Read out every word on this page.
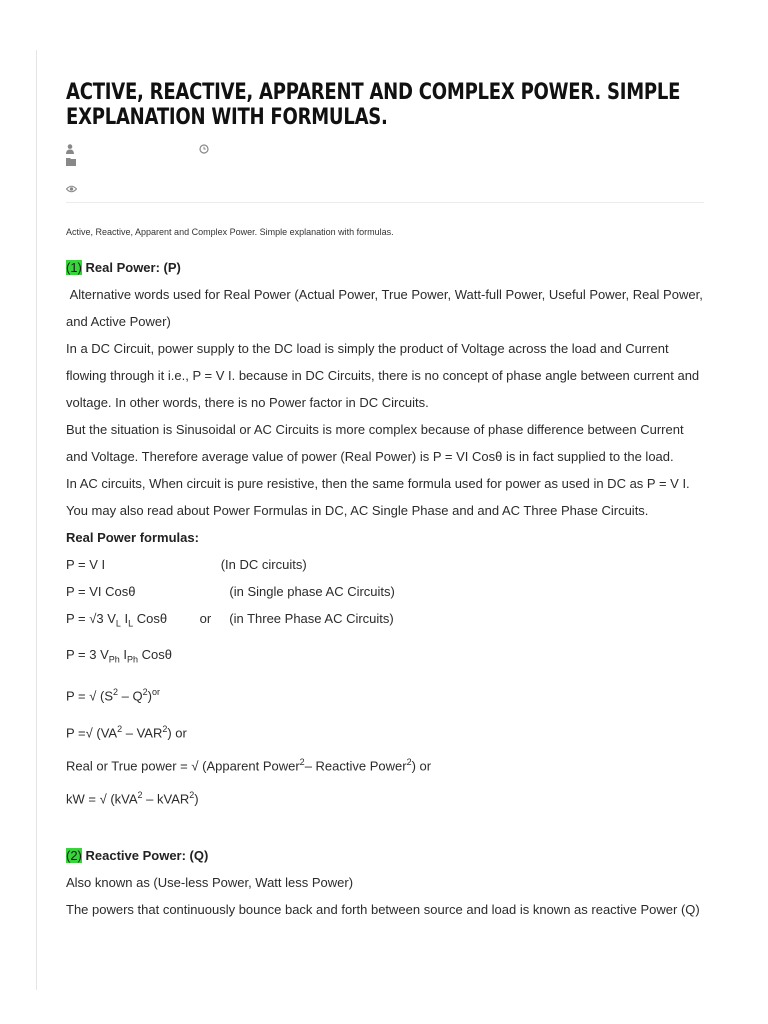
ACTIVE, REACTIVE, APPARENT AND COMPLEX POWER. SIMPLE EXPLANATION WITH FORMULAS.
Active, Reactive, Apparent and Complex Power. Simple explanation with formulas.

(1) Real Power: (P)

Alternative words used for Real Power (Actual Power, True Power, Watt-full Power, Useful Power, Real Power, and Active Power)

In a DC Circuit, power supply to the DC load is simply the product of Voltage across the load and Current flowing through it i.e., P = V I. because in DC Circuits, there is no concept of phase angle between current and voltage. In other words, there is no Power factor in DC Circuits.

But the situation is Sinusoidal or AC Circuits is more complex because of phase difference between Current and Voltage. Therefore average value of power (Real Power) is P = VI Cosθ is in fact supplied to the load.

In AC circuits, When circuit is pure resistive, then the same formula used for power as used in DC as P = V I.

You may also read about Power Formulas in DC, AC Single Phase and and AC Three Phase Circuits.

Real Power formulas:

P = V I                                (In DC circuits)

P = VI Cosθ                          (in Single phase AC Circuits)

P = √3 $V_L$ $I_L$ Cosθ         or     (in Three Phase AC Circuits)

P = 3 $V_{Ph}$ $I_{Ph}$ Cosθ

P = √ $(S^2 - Q^2)^{or}$

P =√ $(VA^2 - VAR^2)$ or

Real or True power = √ (Apparent Power$^2$– Reactive Power$^2$) or

kW = √ (kVA$^2$ – kVAR$^2$)

(2) Reactive Power: (Q)

Also known as (Use-less Power, Watt less Power)

The powers that continuously bounce back and forth between source and load is known as reactive Power (Q)
